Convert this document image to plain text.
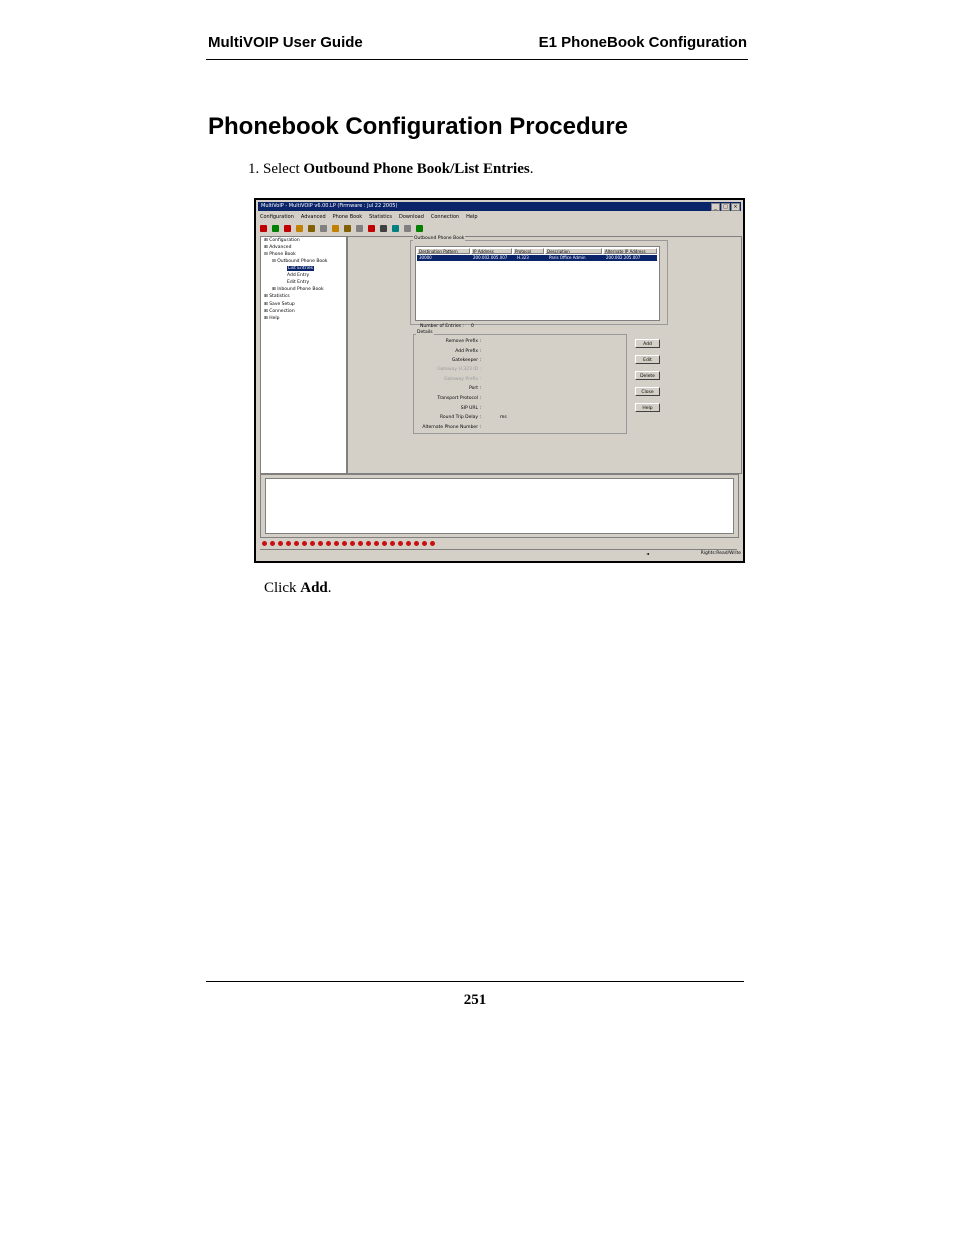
MultiVOIP User Guide	E1 PhoneBook Configuration
Phonebook Configuration Procedure
1. Select Outbound Phone Book/List Entries.
MultiVoIP - MultiVOIP v6.00.LP (Firmware : Jul 22 2005)	_	□	×
Configuration Advanced Phone Book Statistics Download Connection Help
⊞ Configuration
⊞ Advanced
⊟ Phone Book
⊟ Outbound Phone Book
List Entries
Add Entry
Edit Entry
⊞ Inbound Phone Book
⊞ Statistics
⊞ Save Setup
⊞ Connection
⊞ Help
Outbound Phone Book
Destination Pattern	IP Address	Protocol	Description	Alternate IP Address
30000	200.002.005.007 H.323	Paris Office Admin	200.002.205.007
Number of Entries : 0
Details
Remove Prefix :
Add Prefix :
Gatekeeper :
Gateway H.323 ID :
Gateway Prefix :
Port :
Transport Protocol :
SIP URL :
Round Trip Delay :	ms
Alternate Phone Number :
Add
Edit
Delete
Close
Help
◄	Rights:Read/Write
Click Add.
251
